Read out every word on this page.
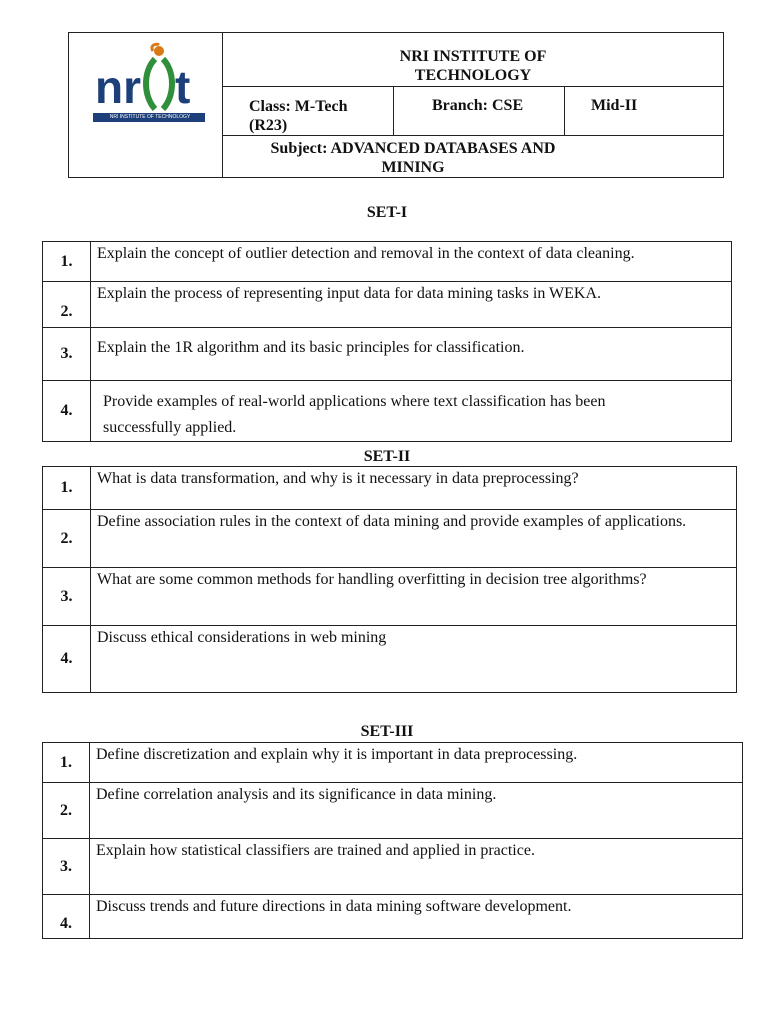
nr t
NRI INSTITUTE OF TECHNOLOGY
NRI INSTITUTE OF
TECHNOLOGY
Class: M-Tech
(R23)
Branch: CSE	Mid-II
Subject: ADVANCED DATABASES AND
MINING
SET-I
1.	Explain the concept of outlier detection and removal in the context of data cleaning.
2.	Explain the process of representing input data for data mining tasks in WEKA.
3.	Explain the 1R algorithm and its basic principles for classification.
4.	Provide examples of real-world applications where text classification has been successfully applied.
SET-II
1.	What is data transformation, and why is it necessary in data preprocessing?
2.	Define association rules in the context of data mining and provide examples of applications.
3.	What are some common methods for handling overfitting in decision tree algorithms?
4.	Discuss ethical considerations in web mining
SET-III
1.	Define discretization and explain why it is important in data preprocessing.
2.	Define correlation analysis and its significance in data mining.
3.	Explain how statistical classifiers are trained and applied in practice.
4.	Discuss trends and future directions in data mining software development.
